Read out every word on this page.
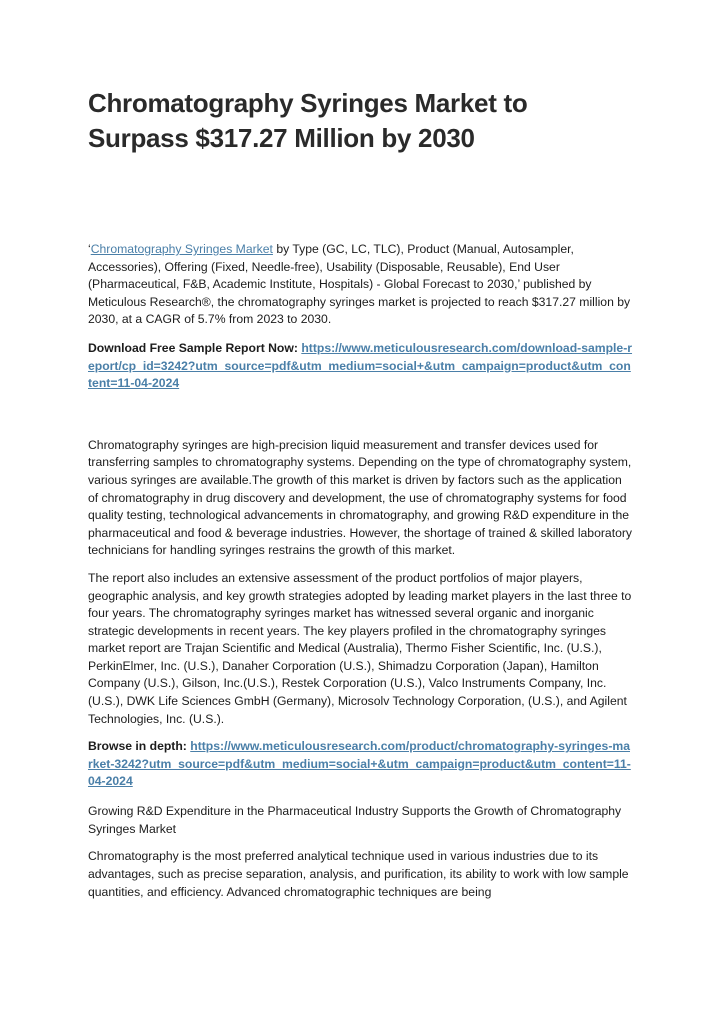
Chromatography Syringes Market to Surpass $317.27 Million by 2030

‘Chromatography Syringes Market by Type (GC, LC, TLC), Product (Manual, Autosampler, Accessories), Offering (Fixed, Needle-free), Usability (Disposable, Reusable), End User (Pharmaceutical, F&B, Academic Institute, Hospitals) - Global Forecast to 2030,’ published by Meticulous Research®, the chromatography syringes market is projected to reach $317.27 million by 2030, at a CAGR of 5.7% from 2023 to 2030.

Download Free Sample Report Now: https://www.meticulousresearch.com/download-sample-report/cp_id=3242?utm_source=pdf&utm_medium=social+&utm_campaign=product&utm_content=11-04-2024

Chromatography syringes are high-precision liquid measurement and transfer devices used for transferring samples to chromatography systems. Depending on the type of chromatography system, various syringes are available.The growth of this market is driven by factors such as the application of chromatography in drug discovery and development, the use of chromatography systems for food quality testing, technological advancements in chromatography, and growing R&D expenditure in the pharmaceutical and food & beverage industries. However, the shortage of trained & skilled laboratory technicians for handling syringes restrains the growth of this market.

The report also includes an extensive assessment of the product portfolios of major players, geographic analysis, and key growth strategies adopted by leading market players in the last three to four years. The chromatography syringes market has witnessed several organic and inorganic strategic developments in recent years. The key players profiled in the chromatography syringes market report are Trajan Scientific and Medical (Australia), Thermo Fisher Scientific, Inc. (U.S.), PerkinElmer, Inc. (U.S.), Danaher Corporation (U.S.), Shimadzu Corporation (Japan), Hamilton Company (U.S.), Gilson, Inc.(U.S.), Restek Corporation (U.S.), Valco Instruments Company, Inc. (U.S.), DWK Life Sciences GmbH (Germany), Microsolv Technology Corporation, (U.S.), and Agilent Technologies, Inc. (U.S.).

Browse in depth: https://www.meticulousresearch.com/product/chromatography-syringes-market-3242?utm_source=pdf&utm_medium=social+&utm_campaign=product&utm_content=11-04-2024

Growing R&D Expenditure in the Pharmaceutical Industry Supports the Growth of Chromatography Syringes Market

Chromatography is the most preferred analytical technique used in various industries due to its advantages, such as precise separation, analysis, and purification, its ability to work with low sample quantities, and efficiency. Advanced chromatographic techniques are being
